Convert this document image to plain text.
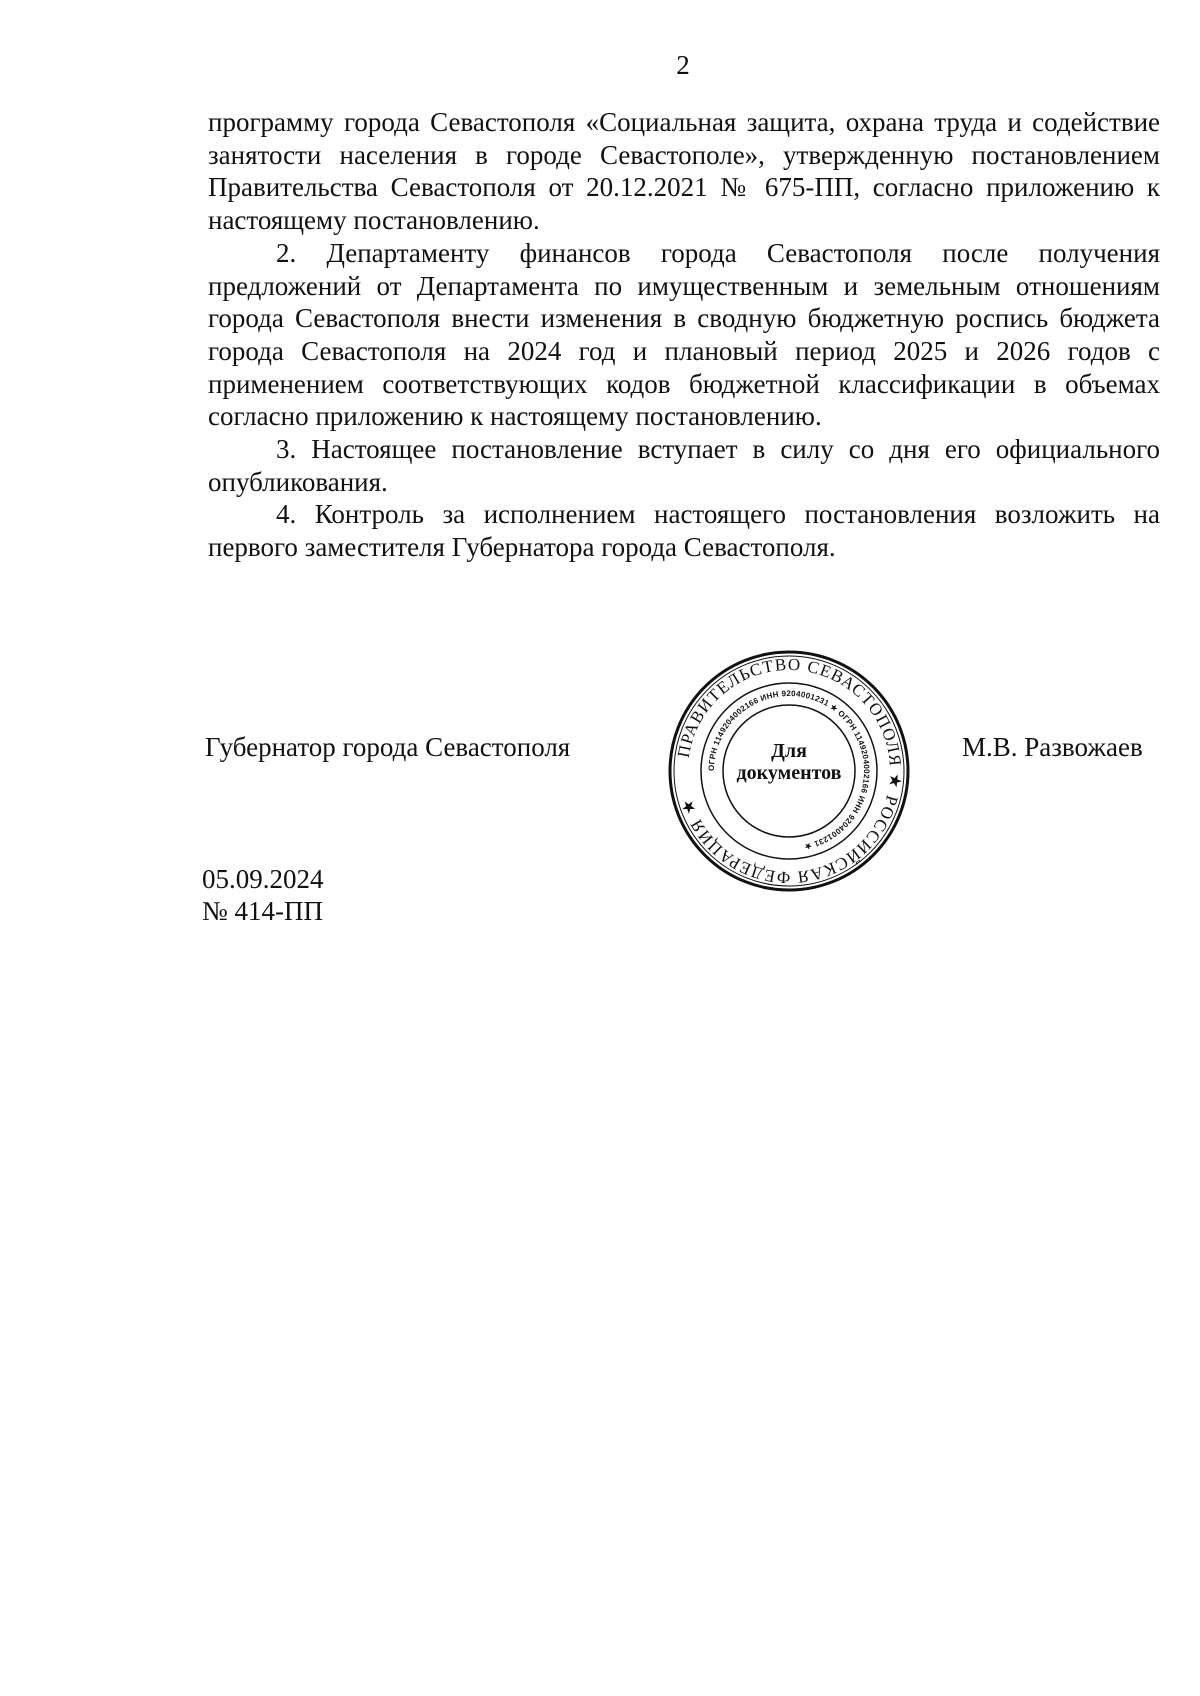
2

программу города Севастополя «Социальная защита, охрана труда и содействие занятости населения в городе Севастополе», утвержденную постановлением Правительства Севастополя от 20.12.2021 № 675-ПП, согласно приложению к настоящему постановлению.

2. Департаменту финансов города Севастополя после получения предложений от Департамента по имущественным и земельным отношениям города Севастополя внести изменения в сводную бюджетную роспись бюджета города Севастополя на 2024 год и плановый период 2025 и 2026 годов с применением соответствующих кодов бюджетной классификации в объемах согласно приложению к настоящему постановлению.

3. Настоящее постановление вступает в силу со дня его официального опубликования.

4. Контроль за исполнением настоящего постановления возложить на первого заместителя Губернатора города Севастополя.

Губернатор города Севастополя	ПРАВИТЕЛЬСТВО СЕВАСТОПОЛЯ ★ РОССИЙСКАЯ ФЕДЕРАЦИЯ ★
ОГРН 1149204002166 ИНН 9204001231 ★ ОГРН 1149204002166 ИНН 9204001231 ★
Для
документов
М.В. Развожаев
05.09.2024
№ 414-ПП
